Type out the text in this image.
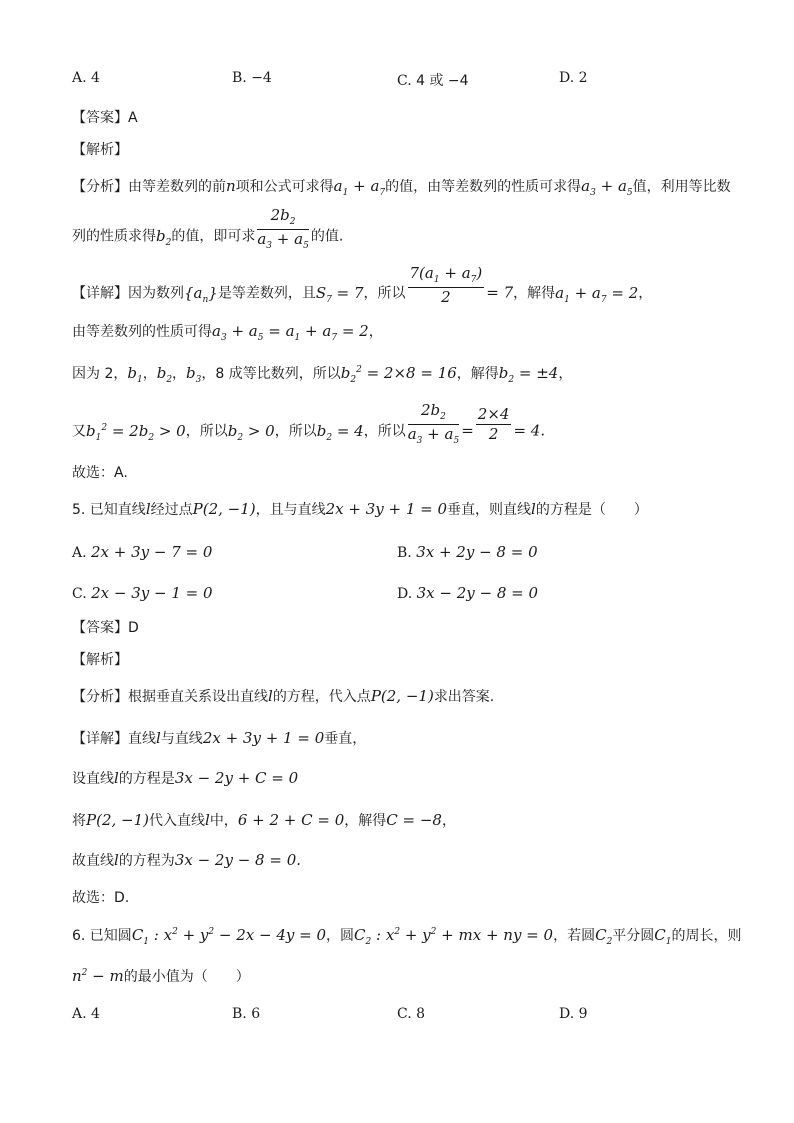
A. 4	B. −4	C. 4 或 −4	D. 2
【答案】A
【解析】
【分析】由等差数列的前n项和公式可求得$a_1 + a_7$的值，由等差数列的性质可求得$a_3 + a_5$值，利用等比数
列的性质求得$b_2$的值，即可求 $\frac{2b_2}{a_3 + a_5}$ 的值.
【详解】因为数列$\{a_n\}$是等差数列，且$S_7 = 7$，所以 $\frac{7(a_1 + a_7)}{2} = 7$，解得$a_1 + a_7 = 2$，
由等差数列的性质可得$a_3 + a_5 = a_1 + a_7 = 2$，
因为 2，$b_1$，$b_2$，$b_3$，8 成等比数列，所以$b_2^2 = 2\times 8 = 16$，解得$b_2 = \pm 4$，
又$b_1^2 = 2b_2 > 0$，所以$b_2 > 0$，所以$b_2 = 4$，所以 $\frac{2b_2}{a_3 + a_5} = \frac{2\times 4}{2} = 4$.
故选：A.
5. 已知直线l经过点P(2, −1)，且与直线2x + 3y + 1 = 0垂直，则直线l的方程是（　　）
A. 2x + 3y − 7 = 0	B. 3x + 2y − 8 = 0
C. 2x − 3y − 1 = 0	D. 3x − 2y − 8 = 0
【答案】D
【解析】
【分析】根据垂直关系设出直线l的方程，代入点P(2, −1)求出答案.
【详解】直线l与直线2x + 3y + 1 = 0垂直，
设直线l的方程是3x − 2y + C = 0
将P(2, −1)代入直线l中，6 + 2 + C = 0，解得C = −8，
故直线l的方程为3x − 2y − 8 = 0.
故选：D.
6. 已知圆$C_1$ : $x^2 + y^2 - 2x - 4y = 0$，圆$C_2$ : $x^2 + y^2$ + mx + ny = 0，若圆$C_2$平分圆$C_1$的周长，则
$n^2 - m$的最小值为（　　）
A. 4	B. 6	C. 8	D. 9
